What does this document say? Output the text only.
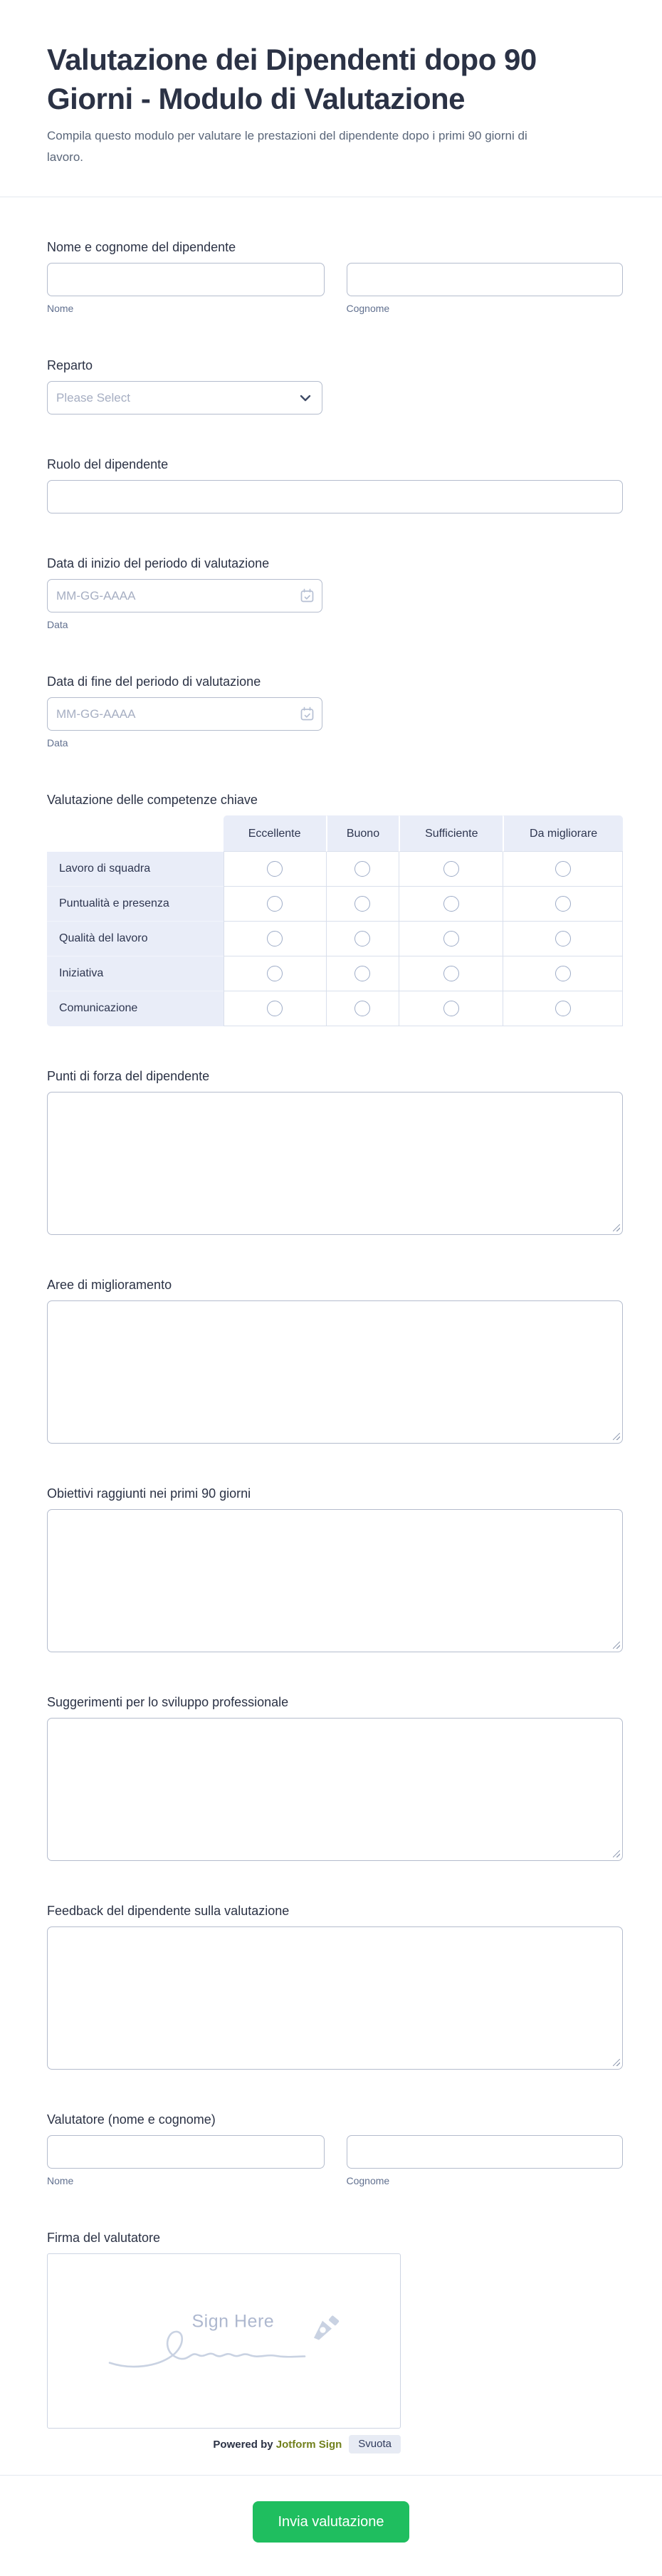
Valutazione dei Dipendenti dopo 90 Giorni - Modulo di Valutazione

Compila questo modulo per valutare le prestazioni del dipendente dopo i primi 90 giorni di lavoro.

Nome e cognome del dipendente
Nome	Cognome
Reparto
Please Select
Ruolo del dipendente
Data di inizio del periodo di valutazione
MM-GG-AAAA
Data
Data di fine del periodo di valutazione
MM-GG-AAAA
Data
Valutazione delle competenze chiave
	Eccellente	Buono	Sufficiente	Da migliorare
Lavoro di squadra				
Puntualità e presenza				
Qualità del lavoro				
Iniziativa				
Comunicazione				
Punti di forza del dipendente
Aree di miglioramento
Obiettivi raggiunti nei primi 90 giorni
Suggerimenti per lo sviluppo professionale
Feedback del dipendente sulla valutazione
Valutatore (nome e cognome)
Nome	Cognome
Firma del valutatore
Sign Here
Powered by Jotform Sign	Svuota
Invia valutazione
